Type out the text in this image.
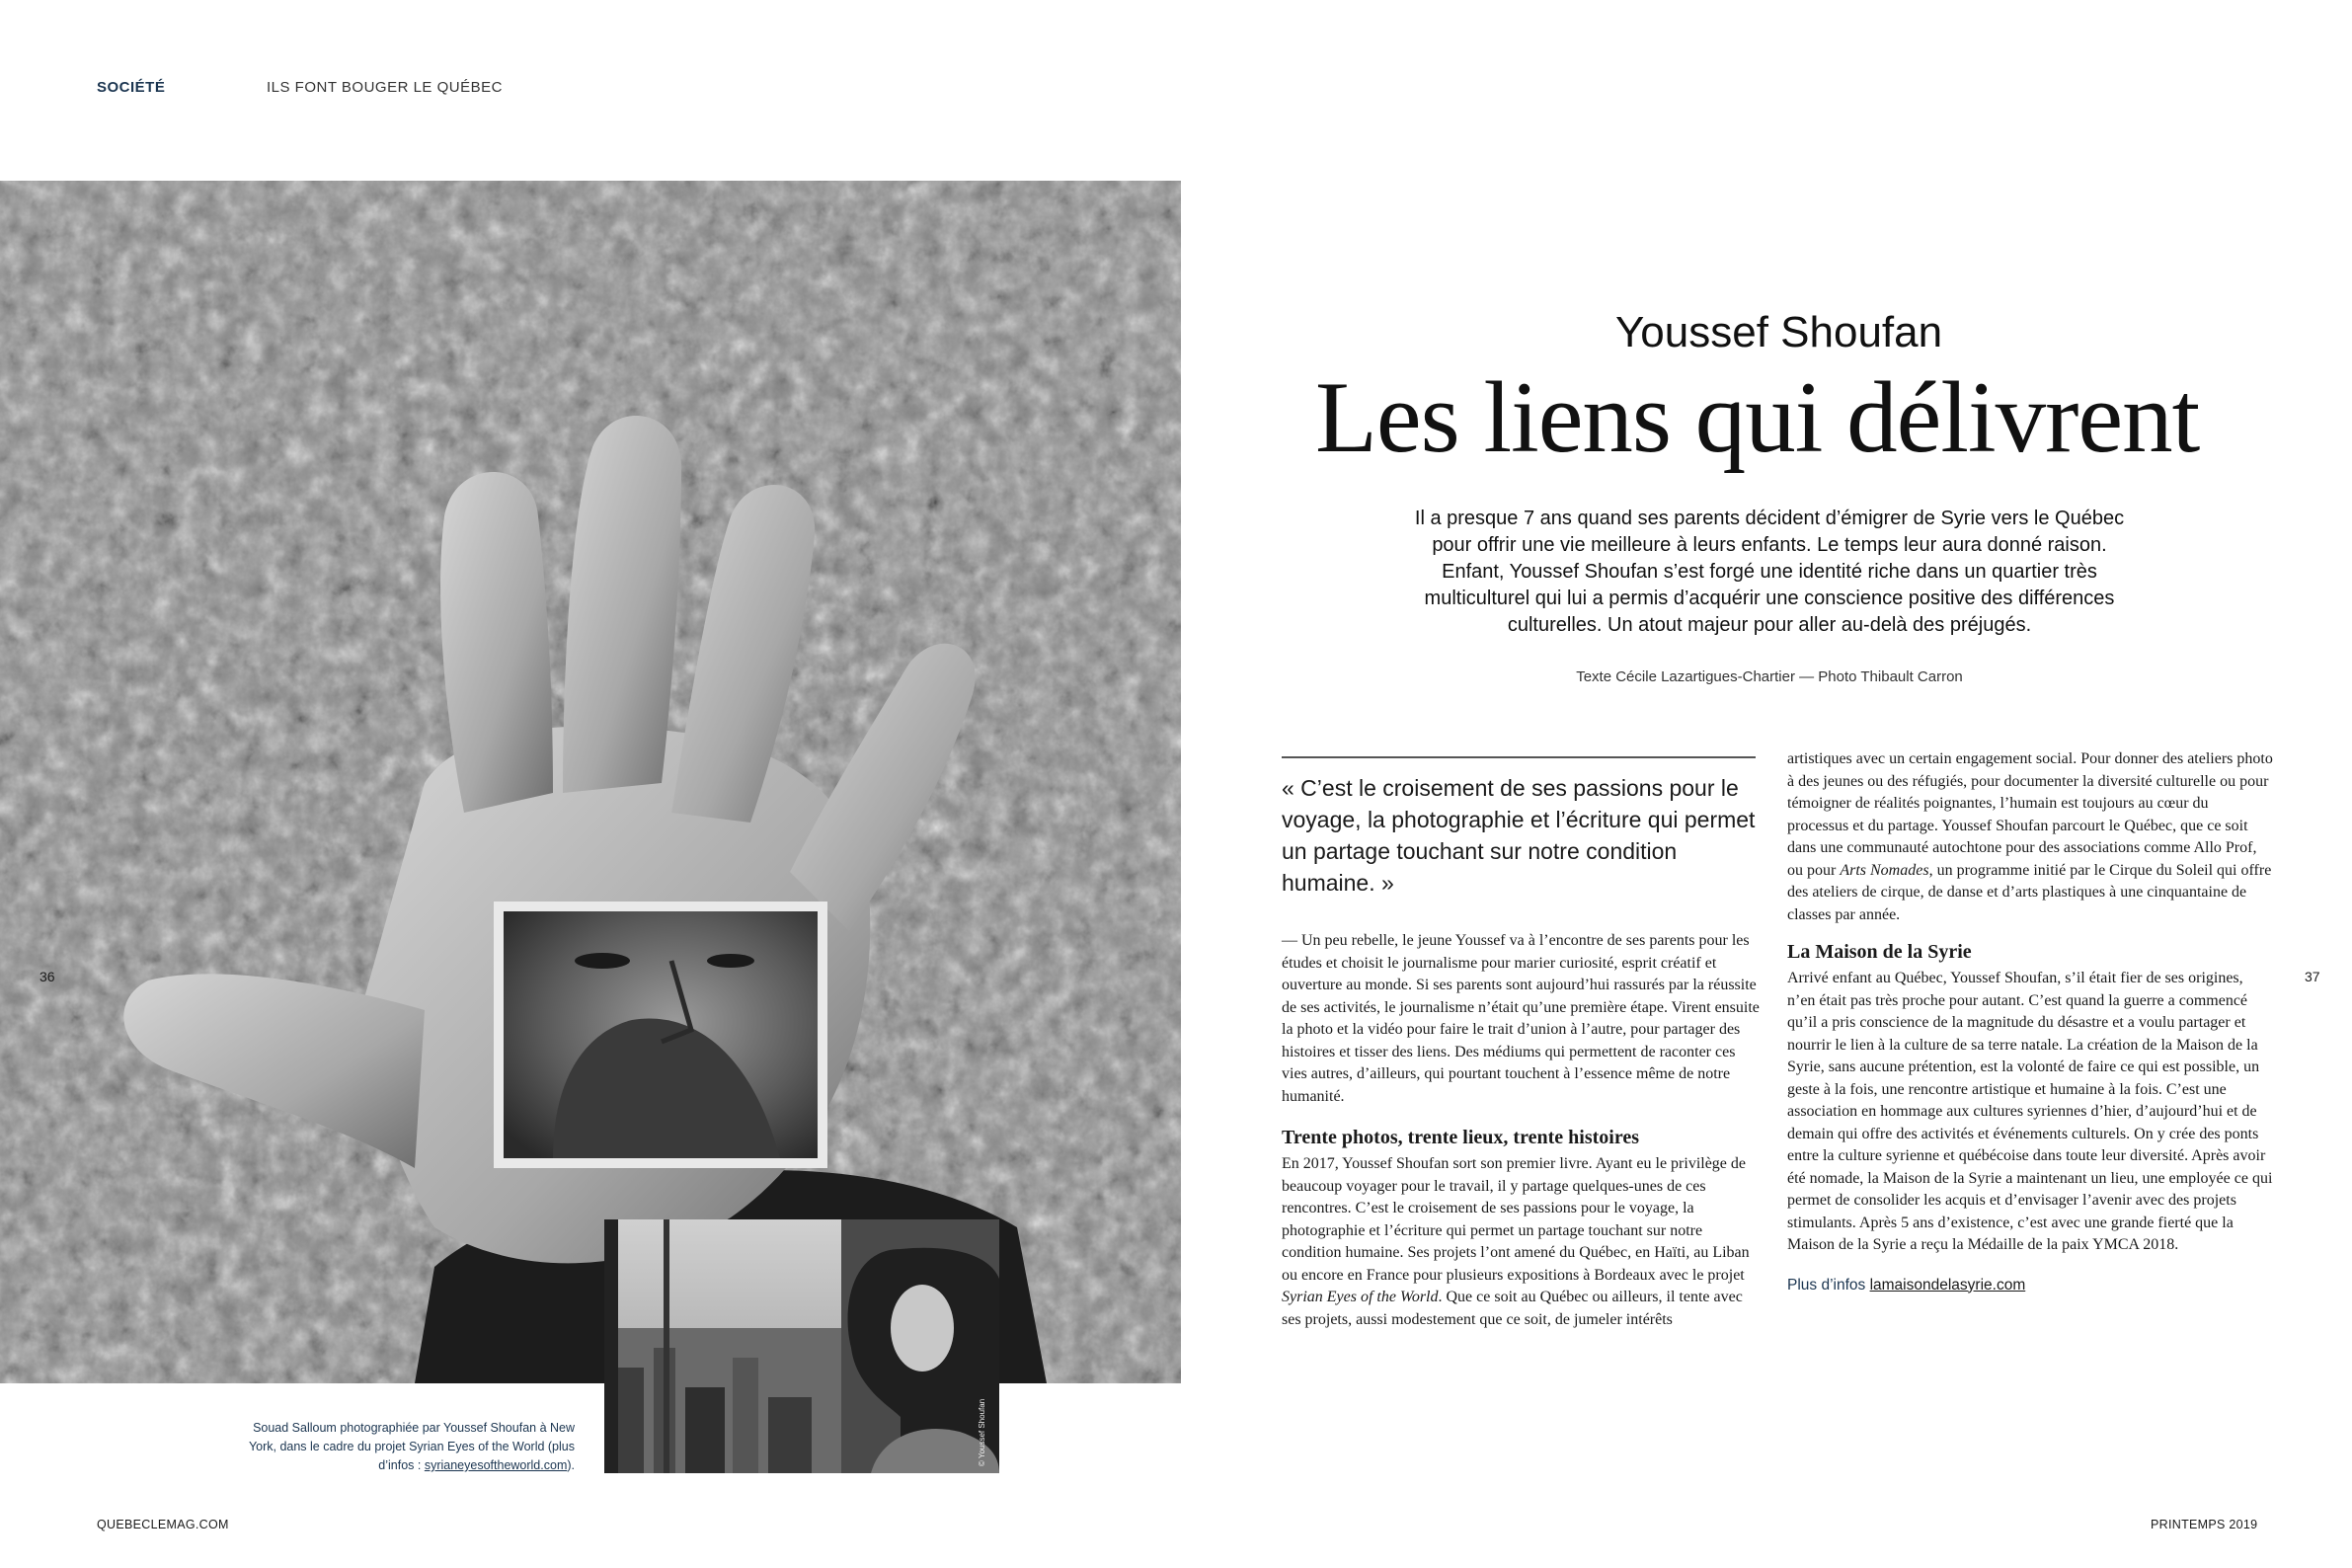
SOCIÉTÉ	ILS FONT BOUGER LE QUÉBEC
© Youssef Shoufan
36	37
Souad Salloum photographiée par Youssef Shoufan à New York, dans le cadre du projet Syrian Eyes of the World (plus d’infos : syrianeyesoftheworld.com).
Youssef Shoufan
Les liens qui délivrent
Il a presque 7 ans quand ses parents décident d’émigrer de Syrie vers le Québec pour offrir une vie meilleure à leurs enfants. Le temps leur aura donné raison. Enfant, Youssef Shoufan s’est forgé une identité riche dans un quartier très multiculturel qui lui a permis d’acquérir une conscience positive des différences culturelles. Un atout majeur pour aller au-delà des préjugés.
Texte Cécile Lazartigues-Chartier — Photo Thibault Carron
« C’est le croisement de ses passions pour le voyage, la photographie et l’écriture qui permet un partage touchant sur notre condition humaine. »

— Un peu rebelle, le jeune Youssef va à l’encontre de ses parents pour les études et choisit le journalisme pour marier curiosité, esprit créatif et ouverture au monde. Si ses parents sont aujourd’hui rassurés par la réussite de ses activités, le journalisme n’était qu’une première étape. Virent ensuite la photo et la vidéo pour faire le trait d’union à l’autre, pour partager des histoires et tisser des liens. Des médiums qui permettent de raconter ces vies autres, d’ailleurs, qui pourtant touchent à l’essence même de notre humanité.

Trente photos, trente lieux, trente histoires

En 2017, Youssef Shoufan sort son premier livre. Ayant eu le privilège de beaucoup voyager pour le travail, il y partage quelques-unes de ces rencontres. C’est le croisement de ses passions pour le voyage, la photographie et l’écriture qui permet un partage touchant sur notre condition humaine. Ses projets l’ont amené du Québec, en Haïti, au Liban ou encore en France pour plusieurs expositions à Bordeaux avec le projet Syrian Eyes of the World. Que ce soit au Québec ou ailleurs, il tente avec ses projets, aussi modestement que ce soit, de jumeler intérêts

artistiques avec un certain engagement social. Pour donner des ateliers photo à des jeunes ou des réfugiés, pour documenter la diversité culturelle ou pour témoigner de réalités poignantes, l’humain est toujours au cœur du processus et du partage. Youssef Shoufan parcourt le Québec, que ce soit dans une communauté autochtone pour des associations comme Allo Prof, ou pour Arts Nomades, un programme initié par le Cirque du Soleil qui offre des ateliers de cirque, de danse et d’arts plastiques à une cinquantaine de classes par année.

La Maison de la Syrie

Arrivé enfant au Québec, Youssef Shoufan, s’il était fier de ses origines, n’en était pas très proche pour autant. C’est quand la guerre a commencé qu’il a pris conscience de la magnitude du désastre et a voulu partager et nourrir le lien à la culture de sa terre natale. La création de la Maison de la Syrie, sans aucune prétention, est la volonté de faire ce qui est possible, un geste à la fois, une rencontre artistique et humaine à la fois. C’est une association en hommage aux cultures syriennes d’hier, d’aujourd’hui et de demain qui offre des activités et événements culturels. On y crée des ponts entre la culture syrienne et québécoise dans toute leur diversité. Après avoir été nomade, la Maison de la Syrie a maintenant un lieu, une employée ce qui permet de consolider les acquis et d’envisager l’avenir avec des projets stimulants. Après 5 ans d’existence, c’est avec une grande fierté que la Maison de la Syrie a reçu la Médaille de la paix YMCA 2018.

Plus d’infos lamaisondelasyrie.com
QUEBECLEMAG.COM	PRINTEMPS 2019
